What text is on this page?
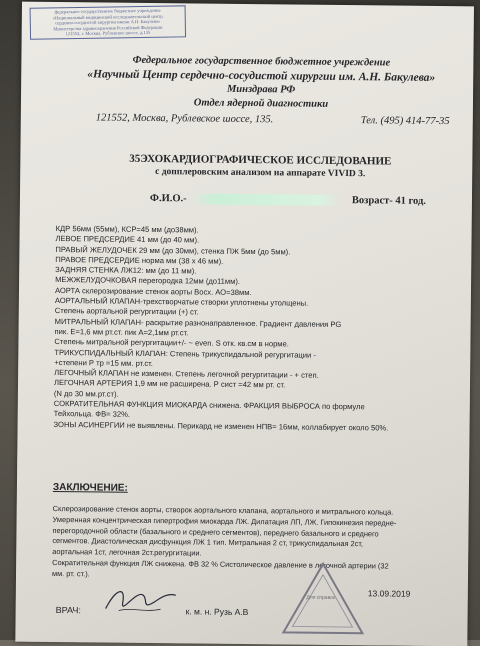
федеральное государственное бюджетное учреждение
«Национальный медицинский исследовательский центр
сердечно-сосудистой хирургии имени А.Н. Бакулева»
Министерства здравоохранения Российской Федерации
121552, г. Москва, Рублевское шоссе, д.135
Федеральное государственное бюджетное учреждение
«Научный Центр сердечно-сосудистой хирургии им. А.Н. Бакулева»
Минздрава РФ
Отдел ядерной диагностики
121552, Москва, Рублевское шоссе, 135.	Тел. (495) 414-77-35
35ЭХОКАРДИОГРАФИЧЕСКОЕ ИССЛЕДОВАНИЕ
с допплеровским анализом на аппарате VIVID 3.
Ф.И.О.-	Возраст- 41 год.
КДР 56мм (55мм), КСР=45 мм (до38мм).
ЛЕВОЕ ПРЕДСЕРДИЕ 41 мм (до 40 мм).
ПРАВЫЙ ЖЕЛУДОЧЕК 29 мм (до 30мм), стенка ПЖ 5мм (до 5мм).
ПРАВОЕ ПРЕДСЕРДИЕ норма мм (38 х 46 мм).
ЗАДНЯЯ СТЕНКА ЛЖ12: мм (до 11 мм).
МЕЖЖЕЛУДОЧКОВАЯ перегородка 12мм (до11мм).
АОРТА склерозирование стенок аорты Восх. АО=38мм.
АОРТАЛЬНЫЙ КЛАПАН-трехстворчатые створки уплотнены утолщены.
Степень аортальной регургитации (+) ст.
МИТРАЛЬНЫЙ КЛАПАН- раскрытие разнонаправленное. Градиент давления PG
пик. Е=1,6 мм рт.ст. пик А=2,1мм рт.ст.
Степень митральной регургитации+/- ~ even. S отк. кв.см в норме.
ТРИКУСПИДАЛЬНЫЙ КЛАПАН: Степень трикуспидальной регургитации -
+степени Р тр =15 мм. рт.ст.
ЛЕГОЧНЫЙ КЛАПАН не изменен. Степень легочной регургитации - + степ.
ЛЕГОЧНАЯ АРТЕРИЯ 1,9 мм не расширена. Р сист =42 мм рт. ст.
(N до 30 мм.рт.ст).
СОКРАТИТЕЛЬНАЯ ФУНКЦИЯ МИОКАРДА снижена. ФРАКЦИЯ ВЫБРОСА по формуле
Тейхольца. ФВ= 32%.
ЗОНЫ АСИНЕРГИИ не выявлены. Перикард не изменен НПВ= 16мм, коллабирует около 50%.
ЗАКЛЮЧЕНИЕ:
Склерозирование стенок аорты, створок аортального клапана, аортального и митрального кольца.
Умеренная концентрическая гипертрофия миокарда ЛЖ. Дилатация ЛП, ЛЖ. Гипокинезия передне-
перегородочной области (базального и среднего сегментов), переднего базального и среднего
сегментов. Диастолическая дисфункция ЛЖ 1 тип. Митральная 2 ст, трикуспидальная 2ст,
аортальная 1ст, легочная 2ст.регургитации.
Сократительная функция ЛЖ снижена. ФВ 32 % Систолическое давление в легочной артерии (32
мм. рт. ст.).
Для справок	13.09.2019
ВРАЧ:	к. м. н. Рузь А.В
